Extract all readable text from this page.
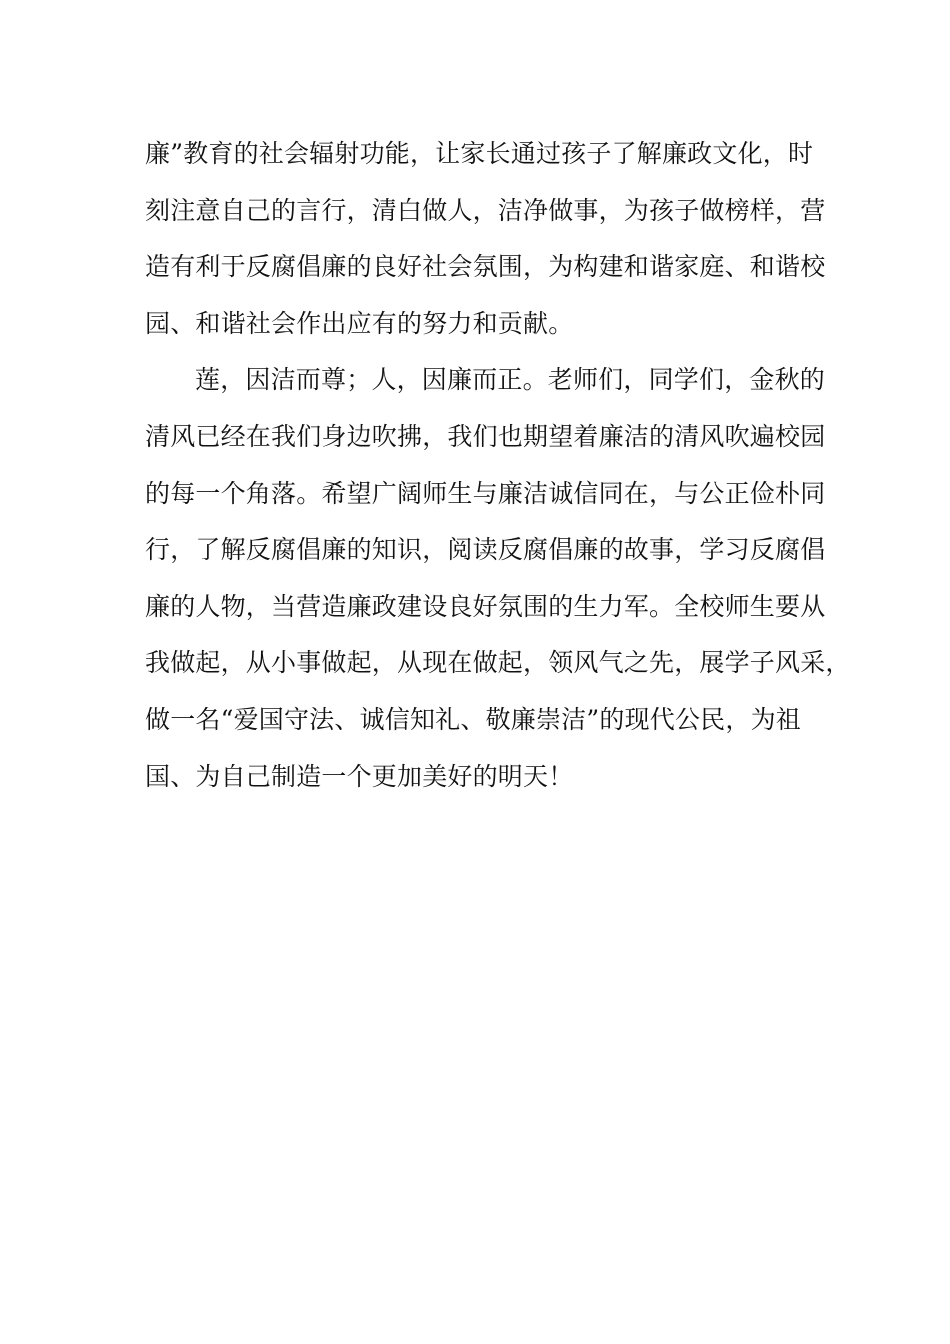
廉”教育的社会辐射功能，让家长通过孩子了解廉政文化，时
刻注意自己的言行，清白做人，洁净做事，为孩子做榜样，营
造有利于反腐倡廉的良好社会氛围，为构建和谐家庭、和谐校
园、和谐社会作出应有的努力和贡献。
莲，因洁而尊；人，因廉而正。老师们，同学们，金秋的
清风已经在我们身边吹拂，我们也期望着廉洁的清风吹遍校园
的每一个角落。希望广阔师生与廉洁诚信同在，与公正俭朴同
行，了解反腐倡廉的知识，阅读反腐倡廉的故事，学习反腐倡
廉的人物，当营造廉政建设良好氛围的生力军。全校师生要从
我做起，从小事做起，从现在做起，领风气之先，展学子风采，
做一名“爱国守法、诚信知礼、敬廉崇洁”的现代公民，为祖
国、为自己制造一个更加美好的明天！
